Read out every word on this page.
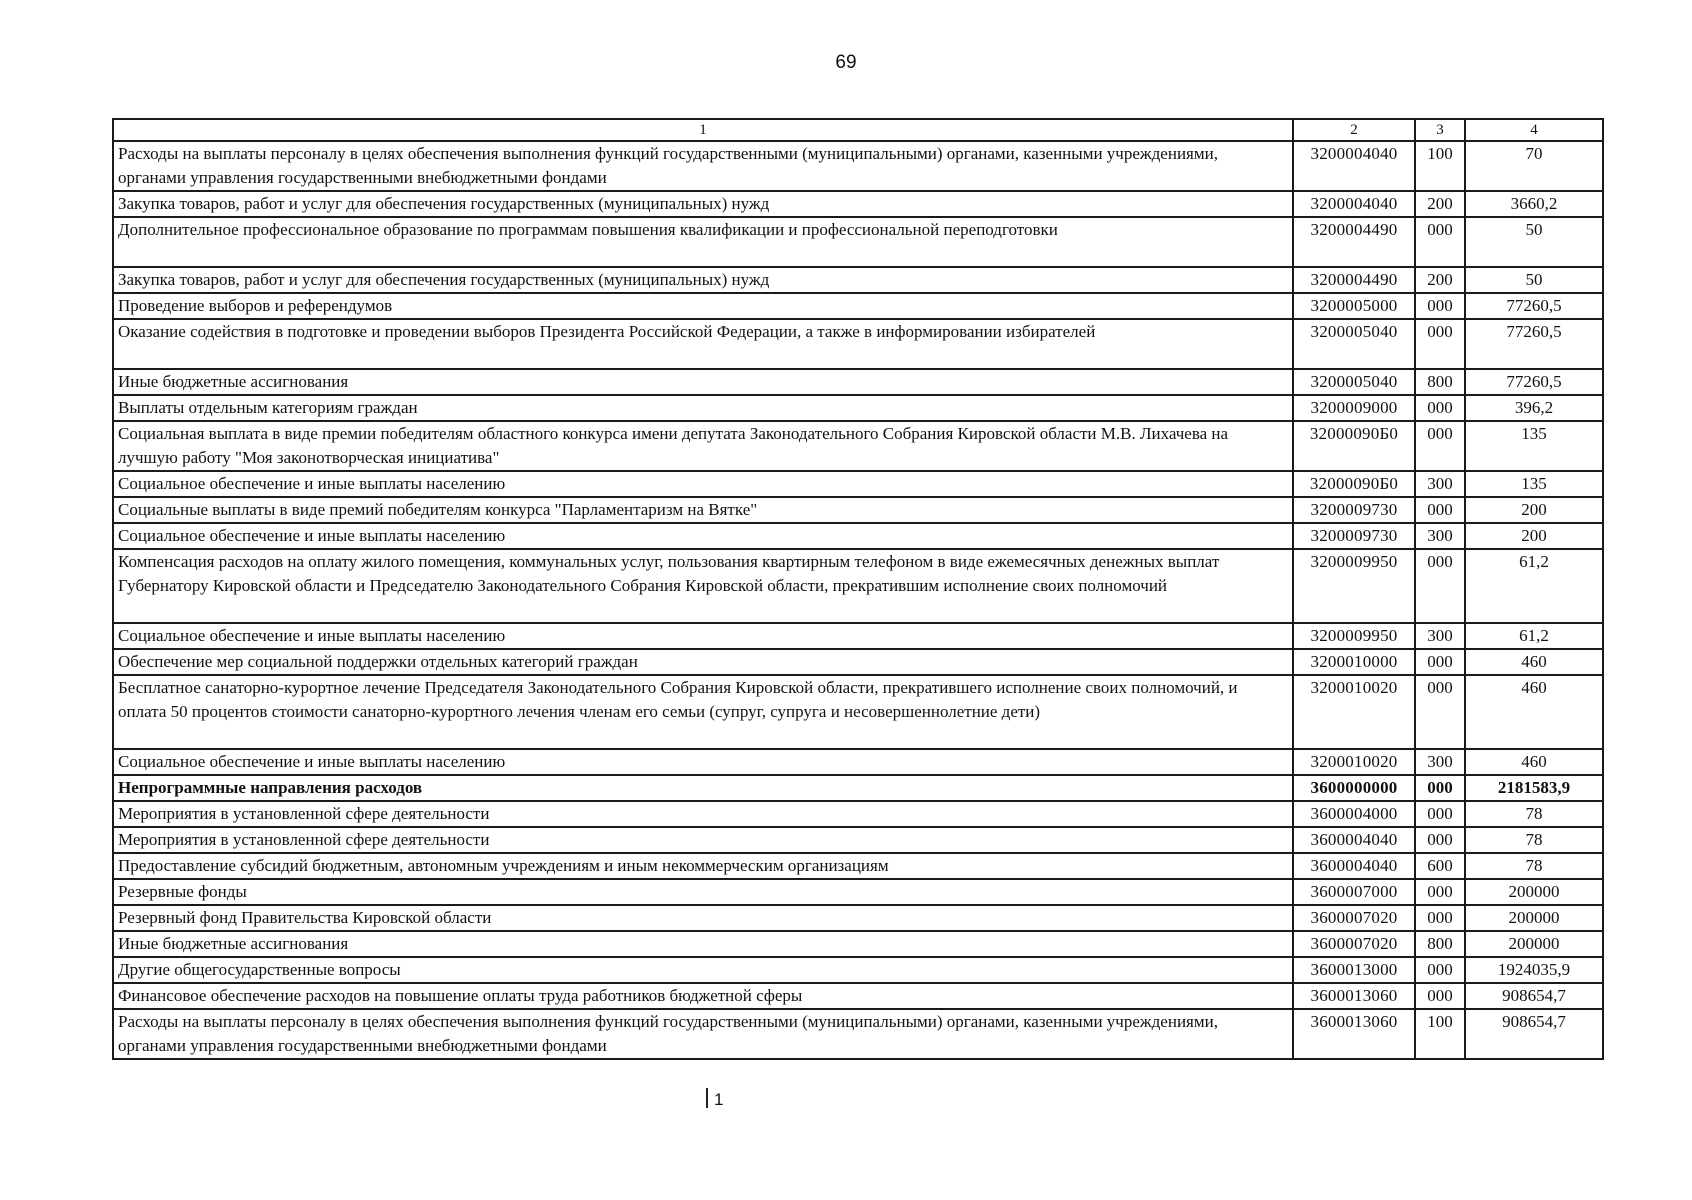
69
1	2	3	4
Расходы на выплаты персоналу в целях обеспечения выполнения функций государственными (муниципальными) органами, казенными учреждениями, органами управления государственными внебюджетными фондами	3200004040	100	70
Закупка товаров, работ и услуг для обеспечения государственных (муниципальных) нужд	3200004040	200	3660,2
Дополнительное профессиональное образование по программам повышения квалификации и профессиональной переподготовки	3200004490	000	50
Закупка товаров, работ и услуг для обеспечения государственных (муниципальных) нужд	3200004490	200	50
Проведение выборов и референдумов	3200005000	000	77260,5
Оказание содействия в подготовке и проведении выборов Президента Российской Федерации, а также в информировании избирателей	3200005040	000	77260,5
Иные бюджетные ассигнования	3200005040	800	77260,5
Выплаты отдельным категориям граждан	3200009000	000	396,2
Социальная выплата в виде премии победителям областного конкурса имени депутата Законодательного Собрания Кировской области М.В. Лихачева на лучшую работу "Моя законотворческая инициатива"	32000090Б0	000	135
Социальное обеспечение и иные выплаты населению	32000090Б0	300	135
Социальные выплаты в виде премий победителям конкурса "Парламентаризм на Вятке"	3200009730	000	200
Социальное обеспечение и иные выплаты населению	3200009730	300	200
Компенсация расходов на оплату жилого помещения, коммунальных услуг, пользования квартирным телефоном в виде ежемесячных денежных выплат Губернатору Кировской области и Председателю Законодательного Собрания Кировской области, прекратившим исполнение своих полномочий	3200009950	000	61,2
Социальное обеспечение и иные выплаты населению	3200009950	300	61,2
Обеспечение мер социальной поддержки отдельных категорий граждан	3200010000	000	460
Бесплатное санаторно-курортное лечение Председателя Законодательного Собрания Кировской области, прекратившего исполнение своих полномочий, и оплата 50 процентов стоимости санаторно-курортного лечения членам его семьи (супруг, супруга и несовершеннолетние дети)	3200010020	000	460
Социальное обеспечение и иные выплаты населению	3200010020	300	460
Непрограммные направления расходов	3600000000	000	2181583,9
Мероприятия в установленной сфере деятельности	3600004000	000	78
Мероприятия в установленной сфере деятельности	3600004040	000	78
Предоставление субсидий бюджетным, автономным учреждениям и иным некоммерческим организациям	3600004040	600	78
Резервные фонды	3600007000	000	200000
Резервный фонд Правительства Кировской области	3600007020	000	200000
Иные бюджетные ассигнования	3600007020	800	200000
Другие общегосударственные вопросы	3600013000	000	1924035,9
Финансовое обеспечение расходов на повышение оплаты труда работников бюджетной сферы	3600013060	000	908654,7
Расходы на выплаты персоналу в целях обеспечения выполнения функций государственными (муниципальными) органами, казенными учреждениями, органами управления государственными внебюджетными фондами	3600013060	100	908654,7
1
